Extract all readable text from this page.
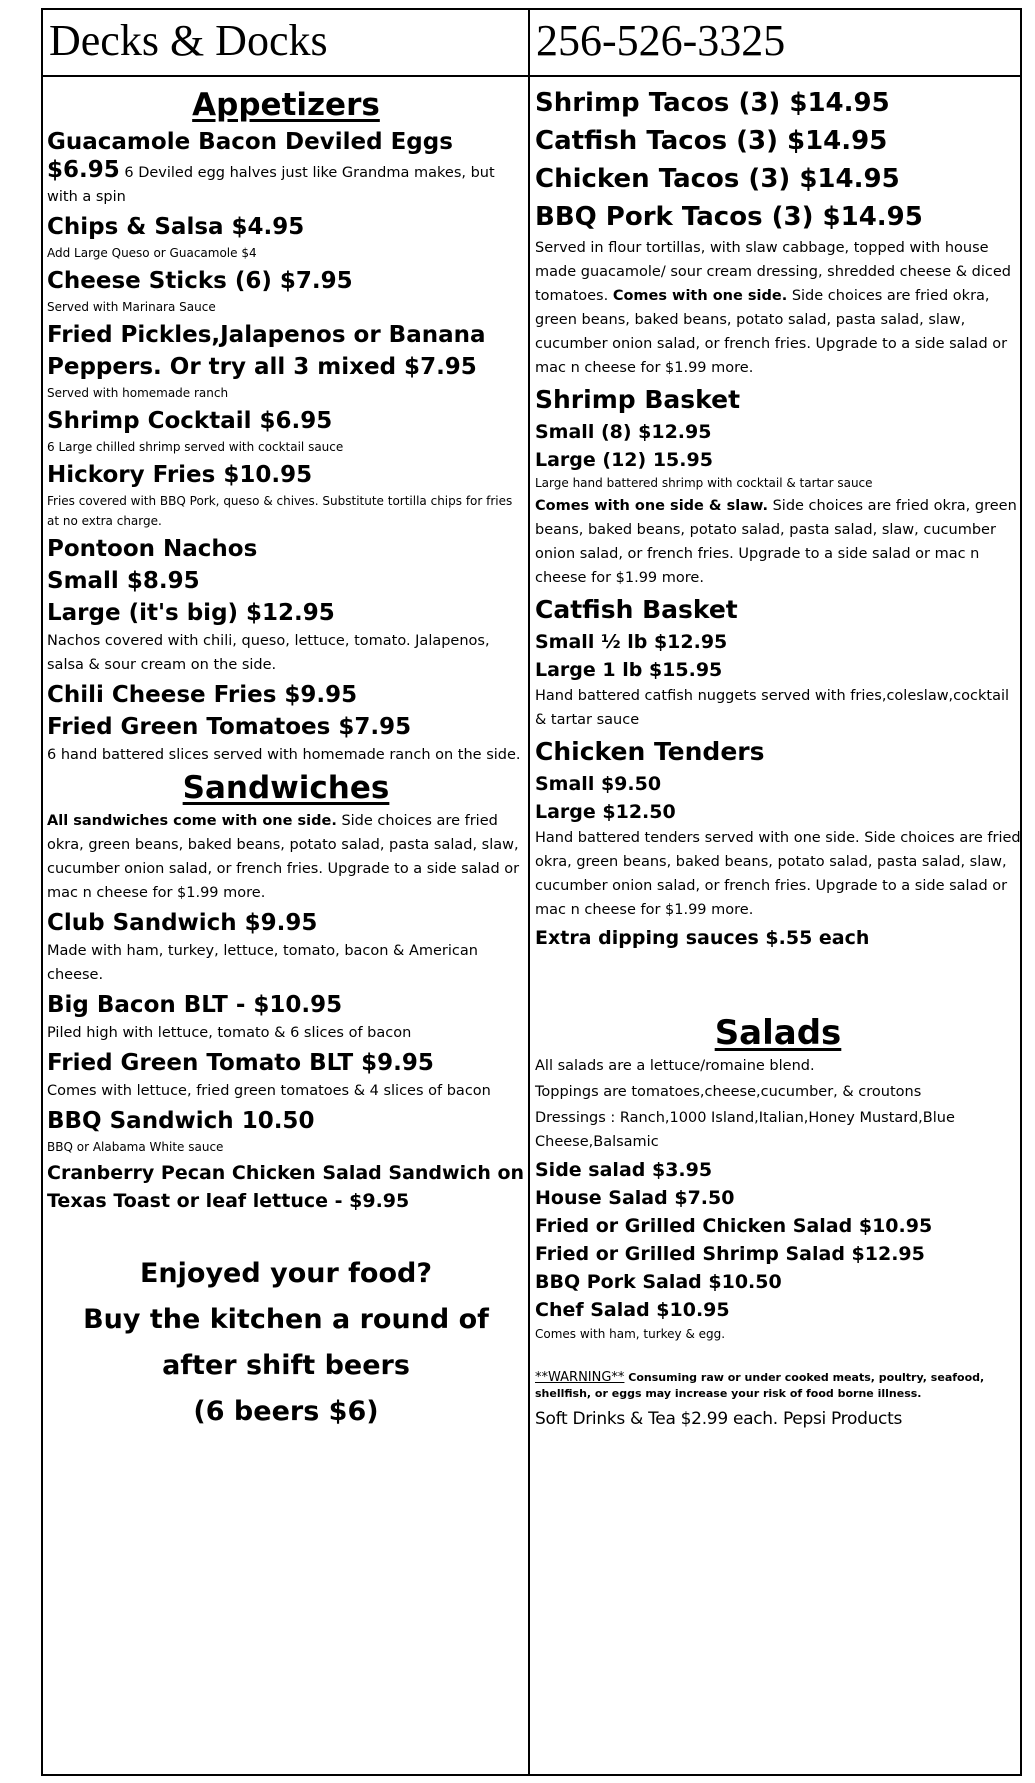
Decks & Docks	256-526-3325
Appetizers
Guacamole Bacon Deviled Eggs
$6.95 6 Deviled egg halves just like Grandma makes, but with a spin
Chips & Salsa $4.95
Add Large Queso or Guacamole $4
Cheese Sticks (6) $7.95
Served with Marinara Sauce
Fried Pickles,Jalapenos or Banana Peppers. Or try all 3 mixed $7.95
Served with homemade ranch
Shrimp Cocktail $6.95
6 Large chilled shrimp served with cocktail sauce
Hickory Fries $10.95
Fries covered with BBQ Pork, queso & chives. Substitute tortilla chips for fries at no extra charge.
Pontoon Nachos
Small $8.95
Large (it's big) $12.95
Nachos covered with chili, queso, lettuce, tomato. Jalapenos, salsa & sour cream on the side.
Chili Cheese Fries $9.95
Fried Green Tomatoes $7.95
6 hand battered slices served with homemade ranch on the side.
Sandwiches
All sandwiches come with one side. Side choices are fried okra, green beans, baked beans, potato salad, pasta salad, slaw, cucumber onion salad, or french fries. Upgrade to a side salad or mac n cheese for $1.99 more.
Club Sandwich $9.95
Made with ham, turkey, lettuce, tomato, bacon & American cheese.
Big Bacon BLT - $10.95
Piled high with lettuce, tomato & 6 slices of bacon
Fried Green Tomato BLT $9.95
Comes with lettuce, fried green tomatoes & 4 slices of bacon
BBQ Sandwich 10.50
BBQ or Alabama White sauce
Cranberry Pecan Chicken Salad Sandwich on Texas Toast or leaf lettuce - $9.95
Enjoyed your food?
Buy the kitchen a round of
after shift beers
(6 beers $6)
Shrimp Tacos (3) $14.95
Catfish Tacos (3) $14.95
Chicken Tacos (3) $14.95
BBQ Pork Tacos (3) $14.95
Served in flour tortillas, with slaw cabbage, topped with house made guacamole/ sour cream dressing, shredded cheese & diced tomatoes. Comes with one side. Side choices are fried okra, green beans, baked beans, potato salad, pasta salad, slaw, cucumber onion salad, or french fries. Upgrade to a side salad or mac n cheese for $1.99 more.
Shrimp Basket
Small (8) $12.95
Large (12) 15.95
Large hand battered shrimp with cocktail & tartar sauce
Comes with one side & slaw. Side choices are fried okra, green beans, baked beans, potato salad, pasta salad, slaw, cucumber onion salad, or french fries. Upgrade to a side salad or mac n cheese for $1.99 more.
Catfish Basket
Small ½ lb $12.95
Large 1 lb $15.95
Hand battered catfish nuggets served with fries,coleslaw,cocktail & tartar sauce
Chicken Tenders
Small $9.50
Large $12.50
Hand battered tenders served with one side. Side choices are fried okra, green beans, baked beans, potato salad, pasta salad, slaw, cucumber onion salad, or french fries. Upgrade to a side salad or mac n cheese for $1.99 more.
Extra dipping sauces $.55 each
Salads
All salads are a lettuce/romaine blend.
Toppings are tomatoes,cheese,cucumber, & croutons
Dressings : Ranch,1000 Island,Italian,Honey Mustard,Blue Cheese,Balsamic
Side salad $3.95
House Salad $7.50
Fried or Grilled Chicken Salad $10.95
Fried or Grilled Shrimp Salad $12.95
BBQ Pork Salad $10.50
Chef Salad $10.95
Comes with ham, turkey & egg.
**WARNING** Consuming raw or under cooked meats, poultry, seafood, shellfish, or eggs may increase your risk of food borne illness.
Soft Drinks & Tea $2.99 each. Pepsi Products
